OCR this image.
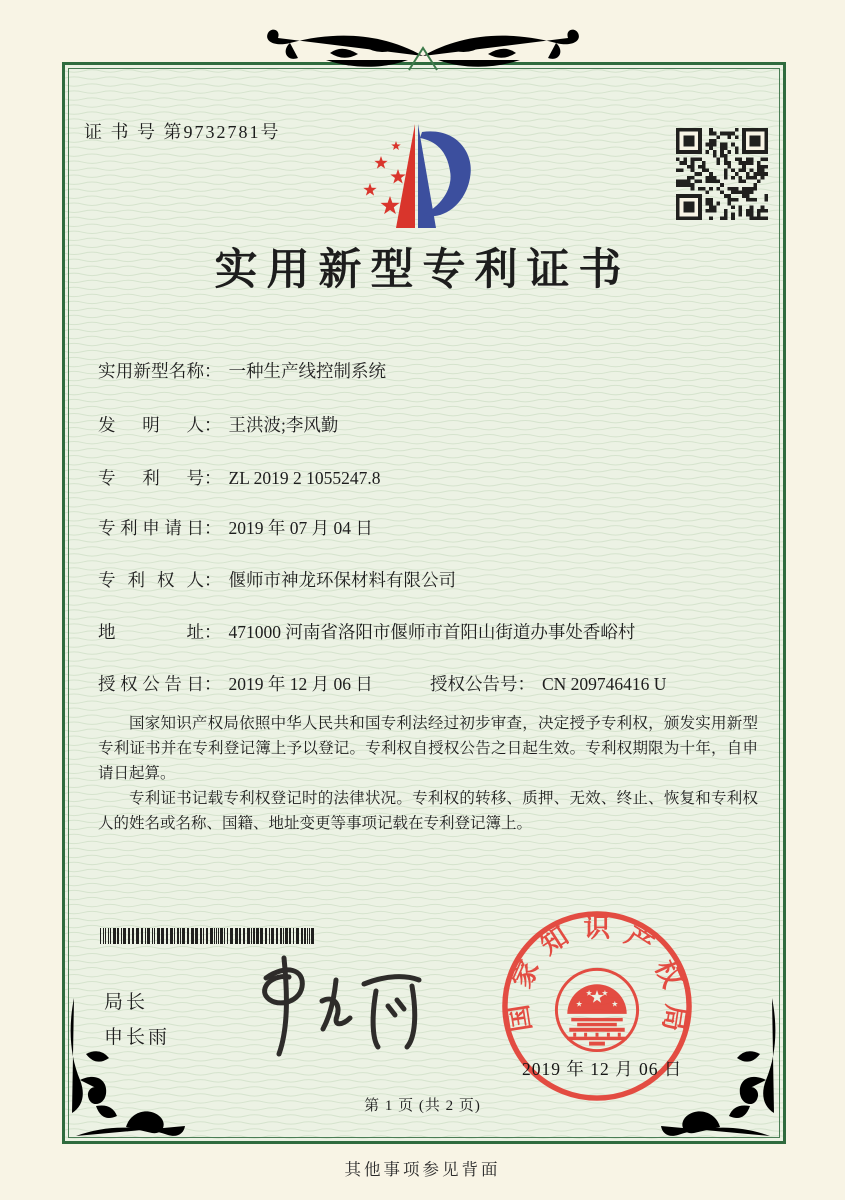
证 书 号 第9732781号
实用新型专利证书
实用新型名称： 一种生产线控制系统
发明人： 王洪波;李风勤
专利号： ZL 2019 2 1055247.8
专利申请日： 2019 年 07 月 04 日
专利权人： 偃师市神龙环保材料有限公司
地址： 471000 河南省洛阳市偃师市首阳山街道办事处香峪村
授权公告日： 2019 年 12 月 06 日	授权公告号： CN 209746416 U

国家知识产权局依照中华人民共和国专利法经过初步审查，决定授予专利权，颁发实用新型专利证书并在专利登记簿上予以登记。专利权自授权公告之日起生效。专利权期限为十年，自申请日起算。

专利证书记载专利权登记时的法律状况。专利权的转移、质押、无效、终止、恢复和专利权人的姓名或名称、国籍、地址变更等事项记载在专利登记簿上。

局长
申长雨
国家知识产权局
2019 年 12 月 06 日
第 1 页 (共 2 页)
其他事项参见背面
